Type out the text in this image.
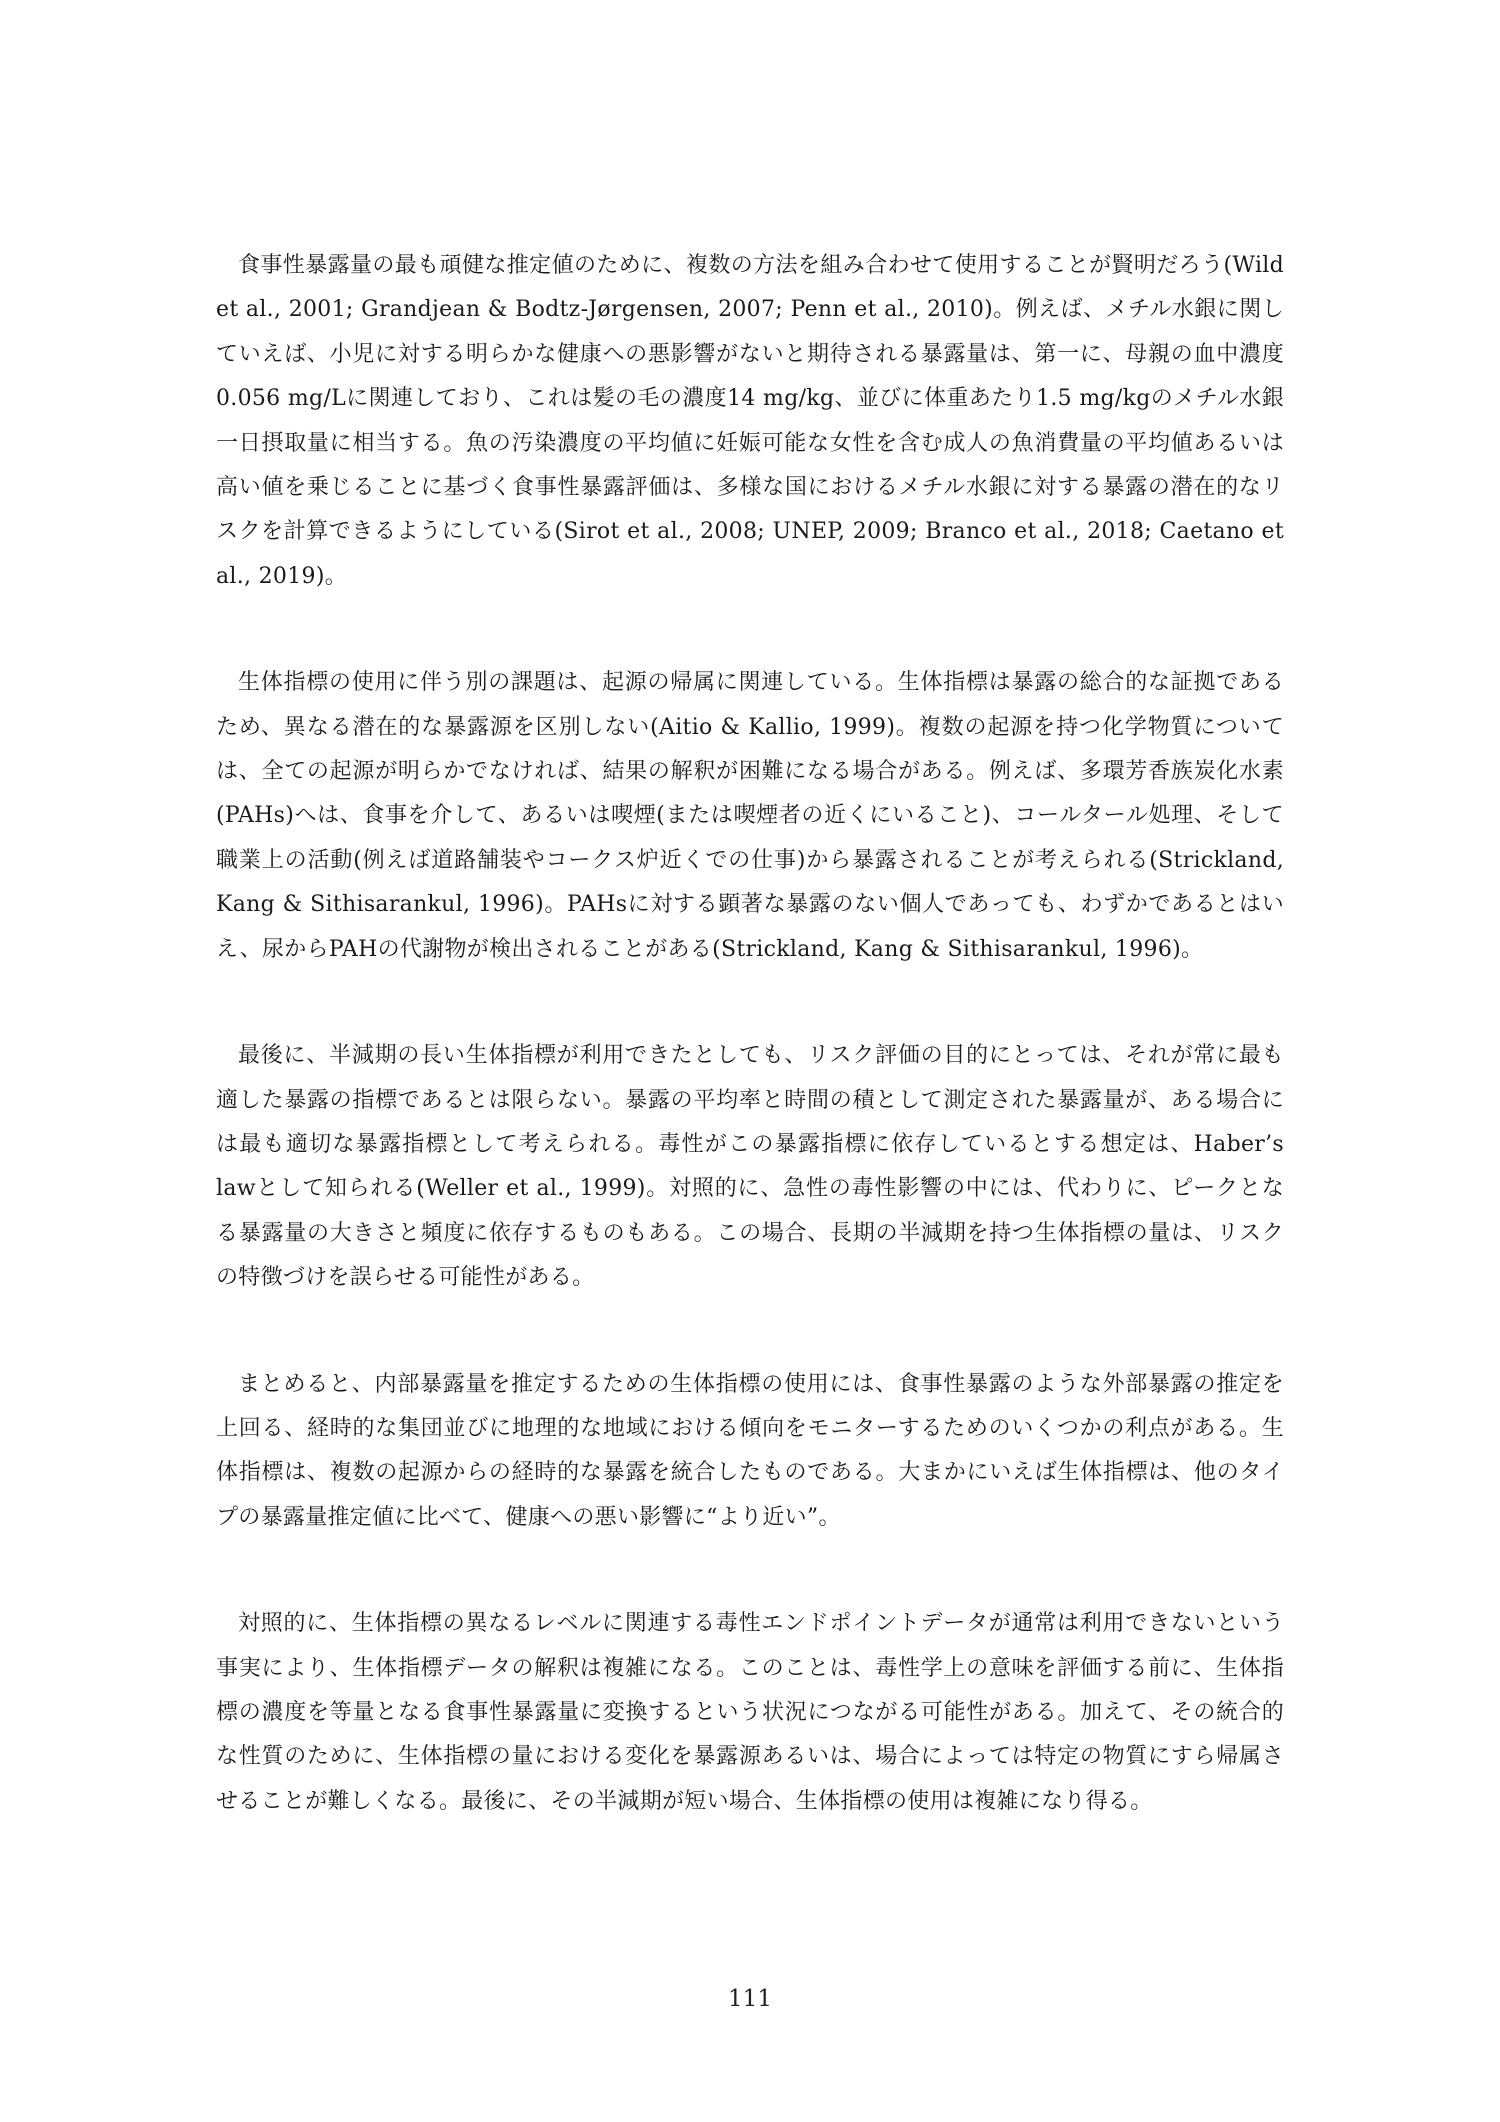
食事性暴露量の最も頑健な推定値のために、複数の方法を組み合わせて使用することが賢明だろう(Wild et al., 2001; Grandjean & Bodtz-Jørgensen, 2007; Penn et al., 2010)。例えば、メチル水銀に関していえば、小児に対する明らかな健康への悪影響がないと期待される暴露量は、第一に、母親の血中濃度0.056 mg/Lに関連しており、これは髪の毛の濃度14 mg/kg、並びに体重あたり1.5 mg/kgのメチル水銀一日摂取量に相当する。魚の汚染濃度の平均値に妊娠可能な女性を含む成人の魚消費量の平均値あるいは高い値を乗じることに基づく食事性暴露評価は、多様な国におけるメチル水銀に対する暴露の潜在的なリスクを計算できるようにしている(Sirot et al., 2008; UNEP, 2009; Branco et al., 2018; Caetano et al., 2019)。

生体指標の使用に伴う別の課題は、起源の帰属に関連している。生体指標は暴露の総合的な証拠であるため、異なる潜在的な暴露源を区別しない(Aitio & Kallio, 1999)。複数の起源を持つ化学物質については、全ての起源が明らかでなければ、結果の解釈が困難になる場合がある。例えば、多環芳香族炭化水素(PAHs)へは、食事を介して、あるいは喫煙(または喫煙者の近くにいること)、コールタール処理、そして職業上の活動(例えば道路舗装やコークス炉近くでの仕事)から暴露されることが考えられる(Strickland, Kang & Sithisarankul, 1996)。PAHsに対する顕著な暴露のない個人であっても、わずかであるとはいえ、尿からPAHの代謝物が検出されることがある(Strickland, Kang & Sithisarankul, 1996)。

最後に、半減期の長い生体指標が利用できたとしても、リスク評価の目的にとっては、それが常に最も適した暴露の指標であるとは限らない。暴露の平均率と時間の積として測定された暴露量が、ある場合には最も適切な暴露指標として考えられる。毒性がこの暴露指標に依存しているとする想定は、Haber’s lawとして知られる(Weller et al., 1999)。対照的に、急性の毒性影響の中には、代わりに、ピークとなる暴露量の大きさと頻度に依存するものもある。この場合、長期の半減期を持つ生体指標の量は、リスクの特徴づけを誤らせる可能性がある。

まとめると、内部暴露量を推定するための生体指標の使用には、食事性暴露のような外部暴露の推定を上回る、経時的な集団並びに地理的な地域における傾向をモニターするためのいくつかの利点がある。生体指標は、複数の起源からの経時的な暴露を統合したものである。大まかにいえば生体指標は、他のタイプの暴露量推定値に比べて、健康への悪い影響に“より近い”。

対照的に、生体指標の異なるレベルに関連する毒性エンドポイントデータが通常は利用できないという事実により、生体指標データの解釈は複雑になる。このことは、毒性学上の意味を評価する前に、生体指標の濃度を等量となる食事性暴露量に変換するという状況につながる可能性がある。加えて、その統合的な性質のために、生体指標の量における変化を暴露源あるいは、場合によっては特定の物質にすら帰属させることが難しくなる。最後に、その半減期が短い場合、生体指標の使用は複雑になり得る。

111
